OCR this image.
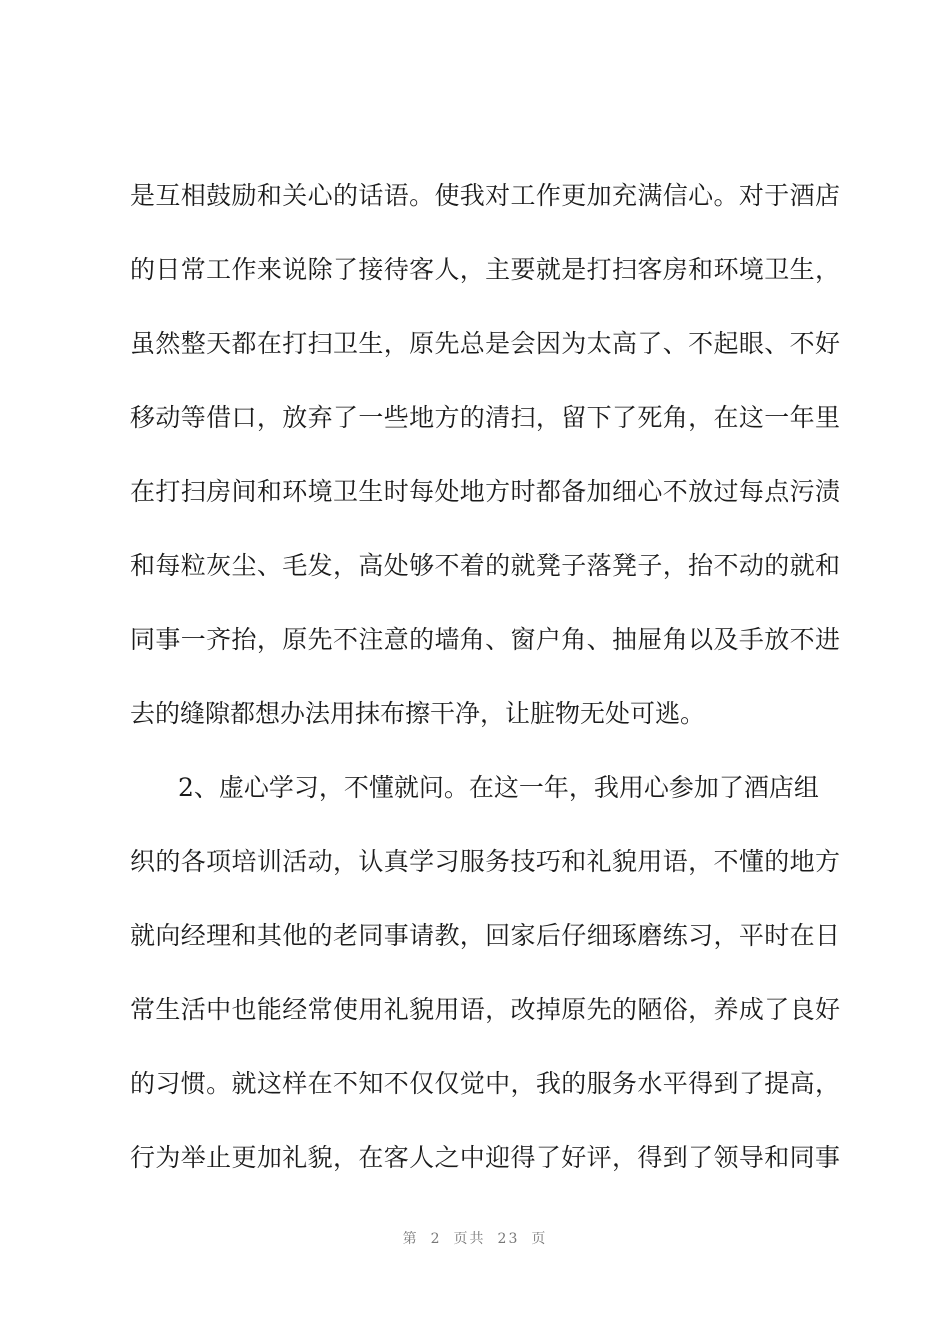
是互相鼓励和关心的话语。使我对工作更加充满信心。对于酒店
的日常工作来说除了接待客人，主要就是打扫客房和环境卫生，
虽然整天都在打扫卫生，原先总是会因为太高了、不起眼、不好
移动等借口，放弃了一些地方的清扫，留下了死角，在这一年里
在打扫房间和环境卫生时每处地方时都备加细心不放过每点污渍
和每粒灰尘、毛发，高处够不着的就凳子落凳子，抬不动的就和
同事一齐抬，原先不注意的墙角、窗户角、抽屉角以及手放不进
去的缝隙都想办法用抹布擦干净，让脏物无处可逃。
2、虚心学习，不懂就问。在这一年，我用心参加了酒店组
织的各项培训活动，认真学习服务技巧和礼貌用语，不懂的地方
就向经理和其他的老同事请教，回家后仔细琢磨练习，平时在日
常生活中也能经常使用礼貌用语，改掉原先的陋俗，养成了良好
的习惯。就这样在不知不仅仅觉中，我的服务水平得到了提高，
行为举止更加礼貌，在客人之中迎得了好评，得到了领导和同事
第 2 页共 23 页
